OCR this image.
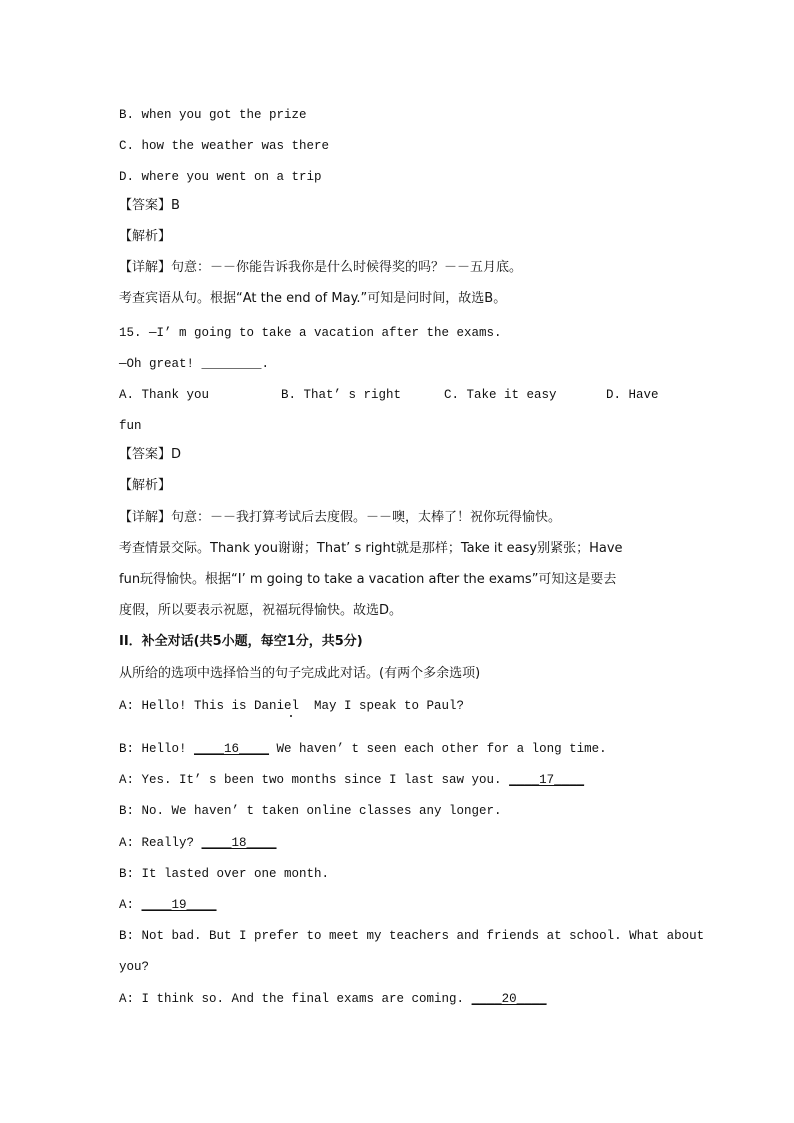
B. when you got the prize
C. how the weather was there
D. where you went on a trip
【答案】B
【解析】
【详解】句意：－－你能告诉我你是什么时候得奖的吗？－－五月底。
考查宾语从句。根据“At the end of May.”可知是问时间，故选B。
15. —I’ m going to take a vacation after the exams.
—Oh great! ________.
A. Thank you	B. That’ s right	C. Take it easy	D. Have
fun
【答案】D
【解析】
【详解】句意：－－我打算考试后去度假。－－噢，太棒了！祝你玩得愉快。
考查情景交际。Thank you谢谢；That’ s right就是那样；Take it easy别紧张；Have
fun玩得愉快。根据“I’ m going to take a vacation after the exams”可知这是要去
度假，所以要表示祝愿，祝福玩得愉快。故选D。
II．补全对话(共5小题，每空1分，共5分)
从所给的选项中选择恰当的句子完成此对话。(有两个多余选项)
A: Hello! This is Daniel  May I speak to Paul?
B: Hello! ____16____ We haven’ t seen each other for a long time.
A: Yes. It’ s been two months since I last saw you. ____17____
B: No. We haven’ t taken online classes any longer.
A: Really? ____18____
B: It lasted over one month.
A: ____19____
B: Not bad. But I prefer to meet my teachers and friends at school. What about
you?
A: I think so. And the final exams are coming. ____20____
